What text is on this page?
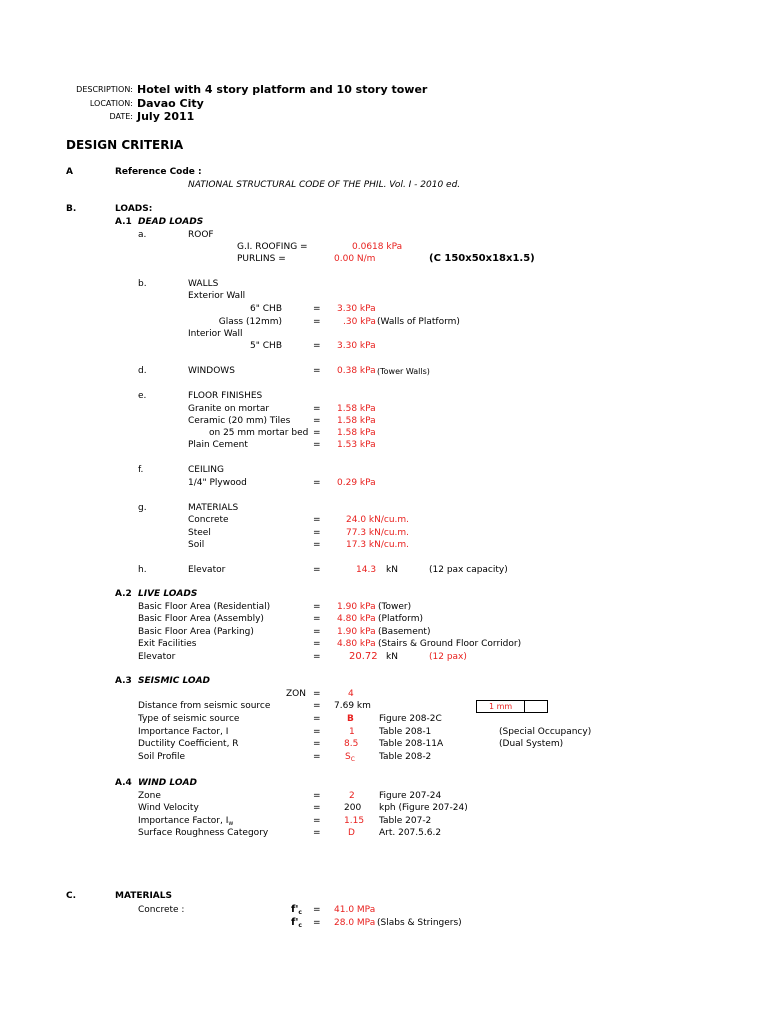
DESCRIPTION: Hotel with 4 story platform and 10 story tower
LOCATION: Davao City
DATE: July 2011
DESIGN CRITERIA
A	Reference Code :
NATIONAL STRUCTURAL CODE OF THE PHIL. Vol. I - 2010 ed.
B.	LOADS:
A.1 DEAD LOADS
a.	ROOF
G.I. ROOFING =	0.0618 kPa
PURLINS =	0.00 N/m	(C 150x50x18x1.5)
b.	WALLS
Exterior Wall
6" CHB	= 3.30 kPa
Glass (12mm)	= .30 kPa (Walls of Platform)
Interior Wall
5" CHB	= 3.30 kPa
d.	WINDOWS	= 0.38 kPa (Tower Walls)
e.	FLOOR FINISHES
Granite on mortar	= 1.58 kPa
Ceramic (20 mm) Tiles	= 1.58 kPa
on 25 mm mortar bed = 1.58 kPa
Plain Cement	= 1.53 kPa
f.	CEILING
1/4" Plywood	= 0.29 kPa
g.	MATERIALS
Concrete	=	24.0 kN/cu.m.
Steel	=	77.3 kN/cu.m.
Soil	=	17.3 kN/cu.m.
h.	Elevator	=	14.3 kN	(12 pax capacity)
A.2 LIVE LOADS
Basic Floor Area (Residential)	= 1.90 kPa (Tower)
Basic Floor Area (Assembly)	= 4.80 kPa (Platform)
Basic Floor Area (Parking)	= 1.90 kPa (Basement)
Exit Facilities	= 4.80 kPa (Stairs & Ground Floor Corridor)
Elevator	=	20.72 kN	(12 pax)
A.3 SEISMIC LOAD
ZON =	4
Distance from seismic source	= 7.69 km	1 mm
Type of seismic source	=	B	Figure 208-2C
Importance Factor, I	=	1	Table 208-1	(Special Occupancy)
Ductility Coefficient, R	=	8.5 Table 208-11A	(Dual System)
Soil Profile	=	$S_C$	Table 208-2
A.4 WIND LOAD
Zone	=	2	Figure 207-24
Wind Velocity	=	200 kph (Figure 207-24)
Importance Factor, $I_w$	=	1.15 Table 207-2
Surface Roughness Category	=	D	Art. 207.5.6.2
C.	MATERIALS
Concrete :	$f'_c = 41.0$ MPa
$f'_c = 28.0$ MPa (Slabs & Stringers)
